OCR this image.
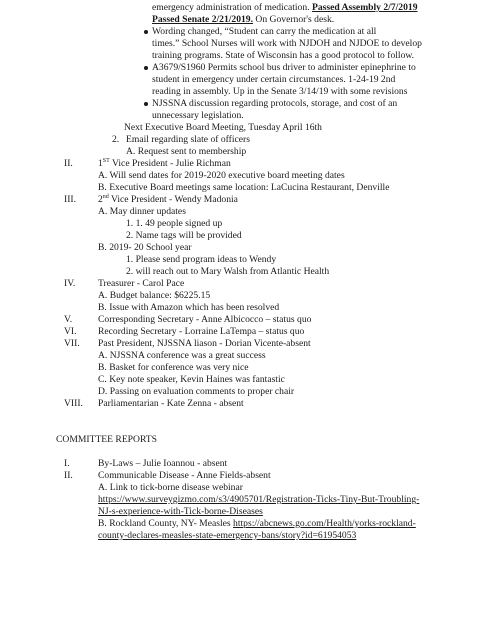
emergency administration of medication. Passed Assembly 2/7/2019
Passed Senate 2/21/2019. On Governor's desk.
Wording changed, “Student can carry the medication at all
times.” School Nurses will work with NJDOH and NJDOE to develop
training programs. State of Wisconsin has a good protocol to follow.
A3679/S1960 Permits school bus driver to administer epinephrine to
student in emergency under certain circumstances. 1-24-19 2nd
reading in assembly. Up in the Senate 3/14/19 with some revisions
NJSSNA discussion regarding protocols, storage, and cost of an
unnecessary legislation.
Next Executive Board Meeting, Tuesday April 16th
2. Email regarding slate of officers
A. Request sent to membership
II.	1ST Vice President - Julie Richman
A. Will send dates for 2019-2020 executive board meeting dates
B. Executive Board meetings same location: LaCucina Restaurant, Denville
III. 2nd Vice President - Wendy Madonia
A. May dinner updates
1. 1. 49 people signed up
2. Name tags will be provided
B. 2019- 20 School year
1. Please send program ideas to Wendy
2. will reach out to Mary Walsh from Atlantic Health
IV. Treasurer - Carol Pace
A. Budget balance: $6225.15
B. Issue with Amazon which has been resolved
V.	Corresponding Secretary - Anne Albicocco – status quo
VI. Recording Secretary - Lorraine LaTempa – status quo
VII. Past President, NJSSNA liason - Dorian Vicente-absent
A. NJSSNA conference was a great success
B. Basket for conference was very nice
C. Key note speaker, Kevin Haines was fantastic
D. Passing on evaluation comments to proper chair
VIII. Parliamentarian - Kate Zenna - absent
COMMITTEE REPORTS
I.	By-Laws – Julie Ioannou - absent
II.	Communicable Disease - Anne Fields-absent
A. Link to tick-borne disease webinar
https://www.surveygizmo.com/s3/4905701/Registration-Ticks-Tiny-But-Troubling-
NJ-s-experience-with-Tick-borne-Diseases
B. Rockland County, NY- Measles https://abcnews.go.com/Health/yorks-rockland-
county-declares-measles-state-emergency-bans/story?id=61954053
